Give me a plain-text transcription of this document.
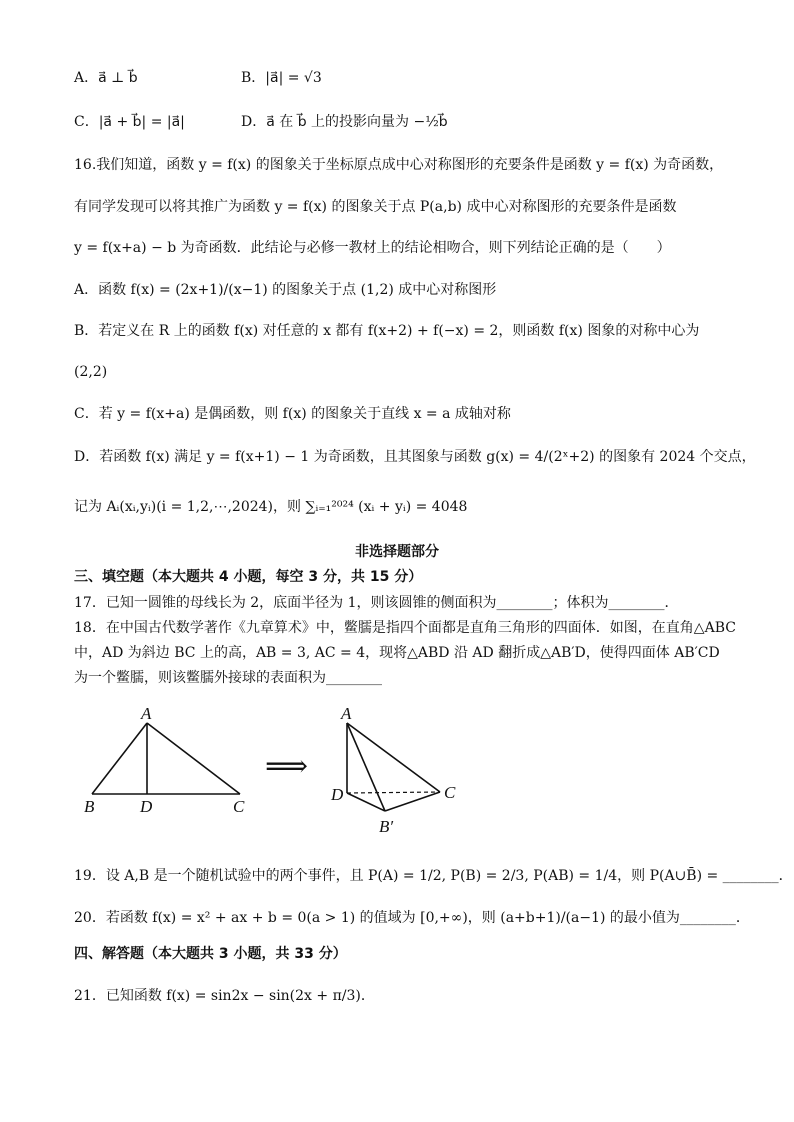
A．a⃗ ⊥ b⃗	B．|a⃗| = √3
C．|a⃗ + b⃗| = |a⃗|	D．a⃗ 在 b⃗ 上的投影向量为 −½b⃗
16.我们知道，函数 y = f(x) 的图象关于坐标原点成中心对称图形的充要条件是函数 y = f(x) 为奇函数，
有同学发现可以将其推广为函数 y = f(x) 的图象关于点 P(a,b) 成中心对称图形的充要条件是函数
y = f(x+a) − b 为奇函数．此结论与必修一教材上的结论相吻合，则下列结论正确的是（　　）
A．函数 f(x) = (2x+1)/(x−1) 的图象关于点 (1,2) 成中心对称图形
B．若定义在 R 上的函数 f(x) 对任意的 x 都有 f(x+2) + f(−x) = 2，则函数 f(x) 图象的对称中心为
(2,2)
C．若 y = f(x+a) 是偶函数，则 f(x) 的图象关于直线 x = a 成轴对称
D．若函数 f(x) 满足 y = f(x+1) − 1 为奇函数，且其图象与函数 g(x) = 4/(2ˣ+2) 的图象有 2024 个交点，
记为 Aᵢ(xᵢ,yᵢ)(i = 1,2,⋯,2024)，则 ∑ᵢ₌₁²⁰²⁴ (xᵢ + yᵢ) = 4048
非选择题部分
三、填空题（本大题共 4 小题，每空 3 分，共 15 分）
17．已知一圆锥的母线长为 2，底面半径为 1，则该圆锥的侧面积为________；体积为________．
18．在中国古代数学著作《九章算术》中，鳖臑是指四个面都是直角三角形的四面体．如图，在直角△ABC
中，AD 为斜边 BC 上的高，AB = 3, AC = 4，现将△ABD 沿 AD 翻折成△AB′D，使得四面体 AB′CD
为一个鳖臑，则该鳖臑外接球的表面积为________
A
B	D	C
⟹
A
D	C
B′
19．设 A,B 是一个随机试验中的两个事件，且 P(A) = 1/2, P(B) = 2/3, P(AB) = 1/4，则 P(A∪B̄) = ________．
20．若函数 f(x) = x² + ax + b = 0(a > 1) 的值域为 [0,+∞)，则 (a+b+1)/(a−1) 的最小值为________．
四、解答题（本大题共 3 小题，共 33 分）
21．已知函数 f(x) = sin2x − sin(2x + π/3)．
